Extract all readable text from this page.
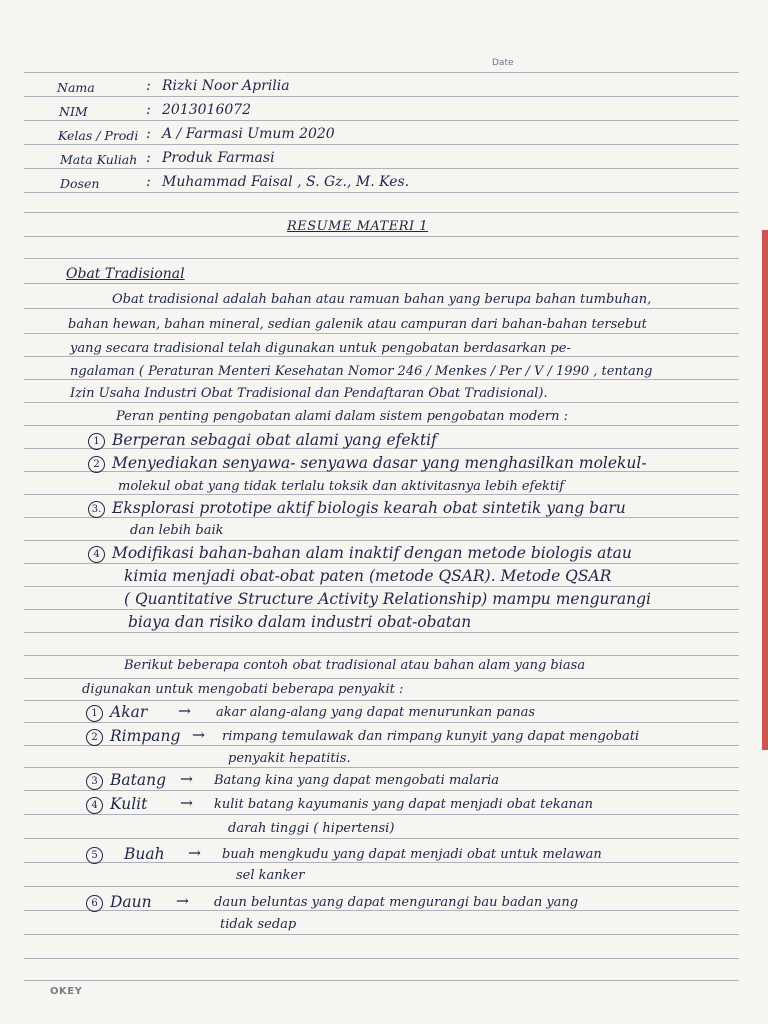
Date
Nama	: Rizki Noor Aprilia
NIM	: 2013016072
Kelas / Prodi : A / Farmasi Umum 2020
Mata Kuliah : Produk Farmasi
Dosen	: Muhammad Faisal , S. Gz., M. Kes.
RESUME MATERI 1
Obat Tradisional
Obat tradisional adalah bahan atau ramuan bahan yang berupa bahan tumbuhan,
bahan hewan, bahan mineral, sedian galenik atau campuran dari bahan-bahan tersebut
yang secara tradisional telah digunakan untuk pengobatan berdasarkan pe-
ngalaman ( Peraturan Menteri Kesehatan Nomor 246 / Menkes / Per / V / 1990 , tentang
Izin Usaha Industri Obat Tradisional dan Pendaftaran Obat Tradisional).
Peran penting pengobatan alami dalam sistem pengobatan modern :
1 Berperan sebagai obat alami yang efektif
2 Menyediakan senyawa- senyawa dasar yang menghasilkan molekul-
molekul obat yang tidak terlalu toksik dan aktivitasnya lebih efektif
3. Eksplorasi prototipe aktif biologis kearah obat sintetik yang baru
dan lebih baik
4 Modifikasi bahan-bahan alam inaktif dengan metode biologis atau
kimia menjadi obat-obat paten (metode QSAR). Metode QSAR
( Quantitative Structure Activity Relationship) mampu mengurangi
biaya dan risiko dalam industri obat-obatan
Berikut beberapa contoh obat tradisional atau bahan alam yang biasa
digunakan untuk mengobati beberapa penyakit :
1 Akar → akar alang-alang yang dapat menurunkan panas
2 Rimpang → rimpang temulawak dan rimpang kunyit yang dapat mengobati
penyakit hepatitis.
3 Batang → Batang kina yang dapat mengobati malaria
4 Kulit → kulit batang kayumanis yang dapat menjadi obat tekanan
darah tinggi ( hipertensi)
5 Buah → buah mengkudu yang dapat menjadi obat untuk melawan
sel kanker
6 Daun → daun beluntas yang dapat mengurangi bau badan yang
tidak sedap
OKEY
